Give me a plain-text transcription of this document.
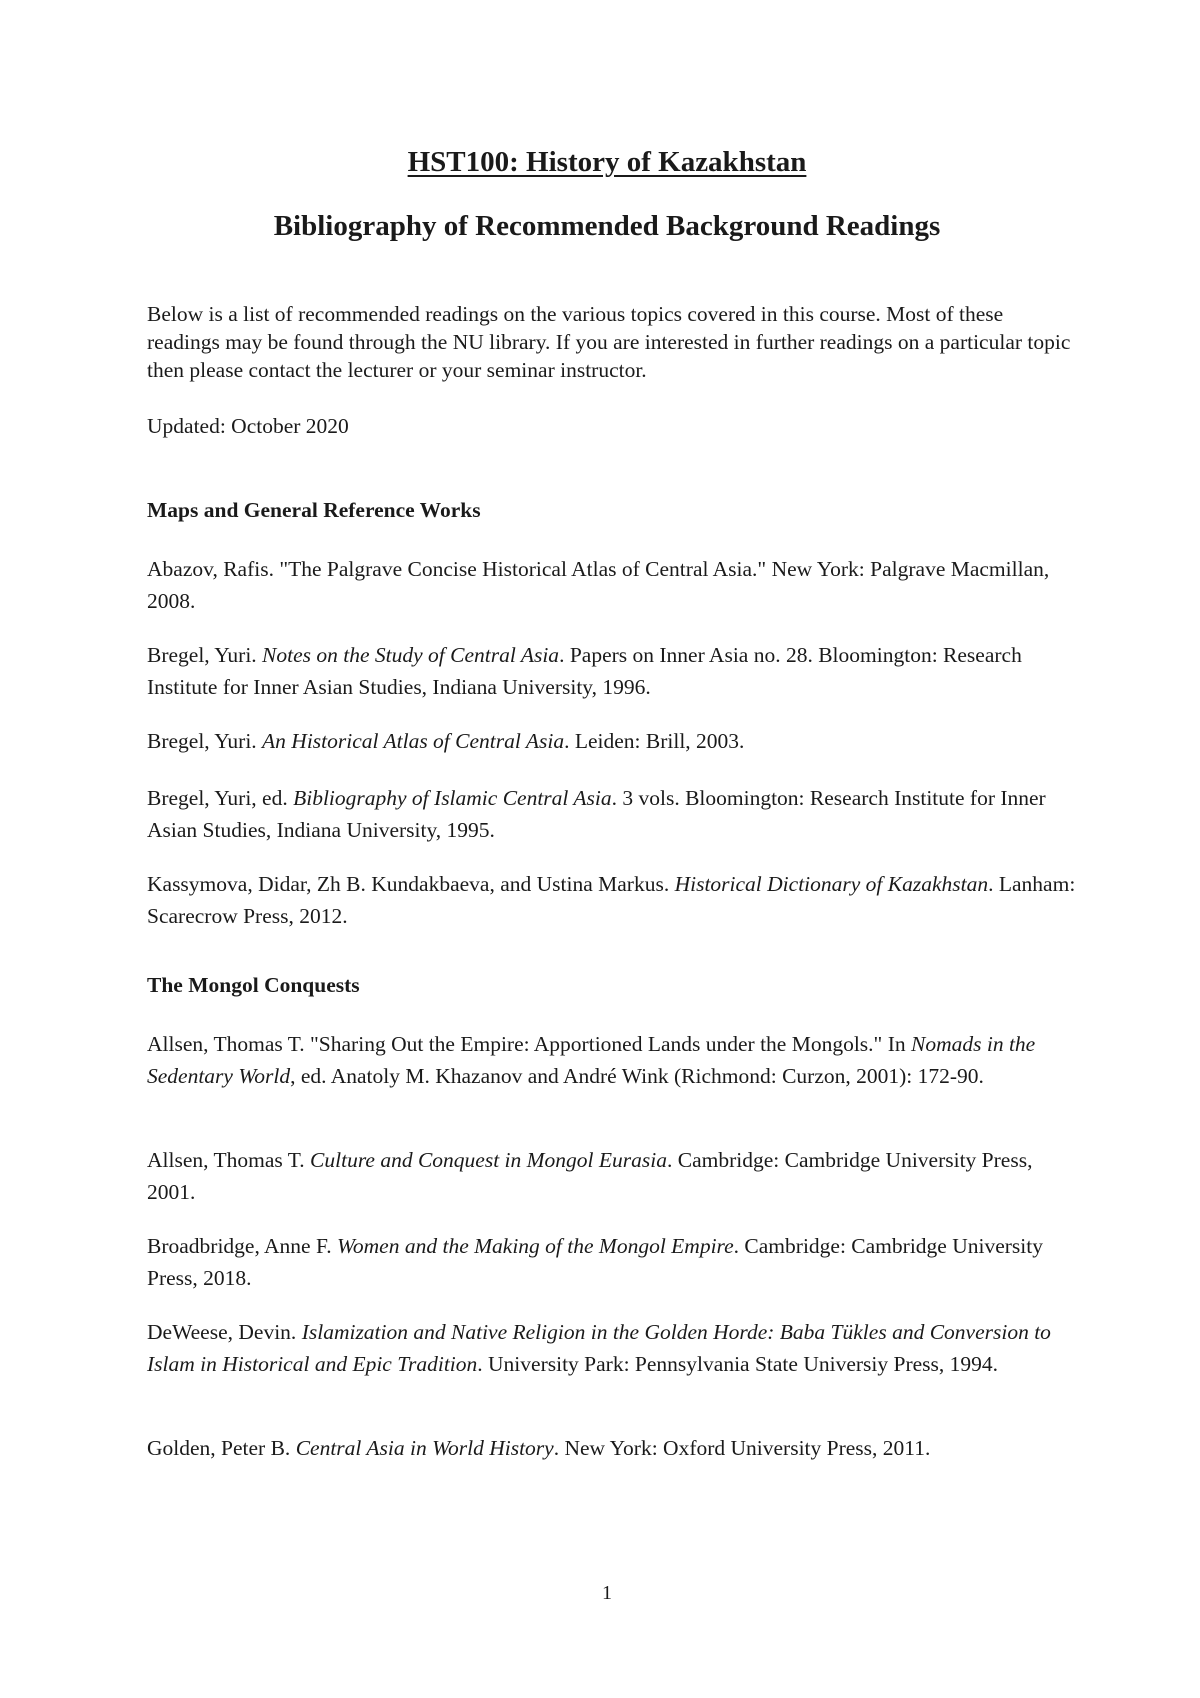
HST100: History of Kazakhstan
Bibliography of Recommended Background Readings

Below is a list of recommended readings on the various topics covered in this course. Most of these readings may be found through the NU library. If you are interested in further readings on a particular topic then please contact the lecturer or your seminar instructor.

Updated: October 2020

Maps and General Reference Works

Abazov, Rafis. "The Palgrave Concise Historical Atlas of Central Asia." New York: Palgrave Macmillan, 2008.

Bregel, Yuri. Notes on the Study of Central Asia. Papers on Inner Asia no. 28. Bloomington: Research Institute for Inner Asian Studies, Indiana University, 1996.

Bregel, Yuri. An Historical Atlas of Central Asia. Leiden: Brill, 2003.

Bregel, Yuri, ed. Bibliography of Islamic Central Asia. 3 vols. Bloomington: Research Institute for Inner Asian Studies, Indiana University, 1995.

Kassymova, Didar, Zh B. Kundakbaeva, and Ustina Markus. Historical Dictionary of Kazakhstan. Lanham: Scarecrow Press, 2012.

The Mongol Conquests

Allsen, Thomas T. "Sharing Out the Empire: Apportioned Lands under the Mongols." In Nomads in the Sedentary World, ed. Anatoly M. Khazanov and André Wink (Richmond: Curzon, 2001): 172-90.

Allsen, Thomas T. Culture and Conquest in Mongol Eurasia. Cambridge: Cambridge University Press, 2001.

Broadbridge, Anne F. Women and the Making of the Mongol Empire. Cambridge: Cambridge University Press, 2018.

DeWeese, Devin. Islamization and Native Religion in the Golden Horde: Baba Tükles and Conversion to Islam in Historical and Epic Tradition. University Park: Pennsylvania State Universiy Press, 1994.

Golden, Peter B. Central Asia in World History. New York: Oxford University Press, 2011.

1
